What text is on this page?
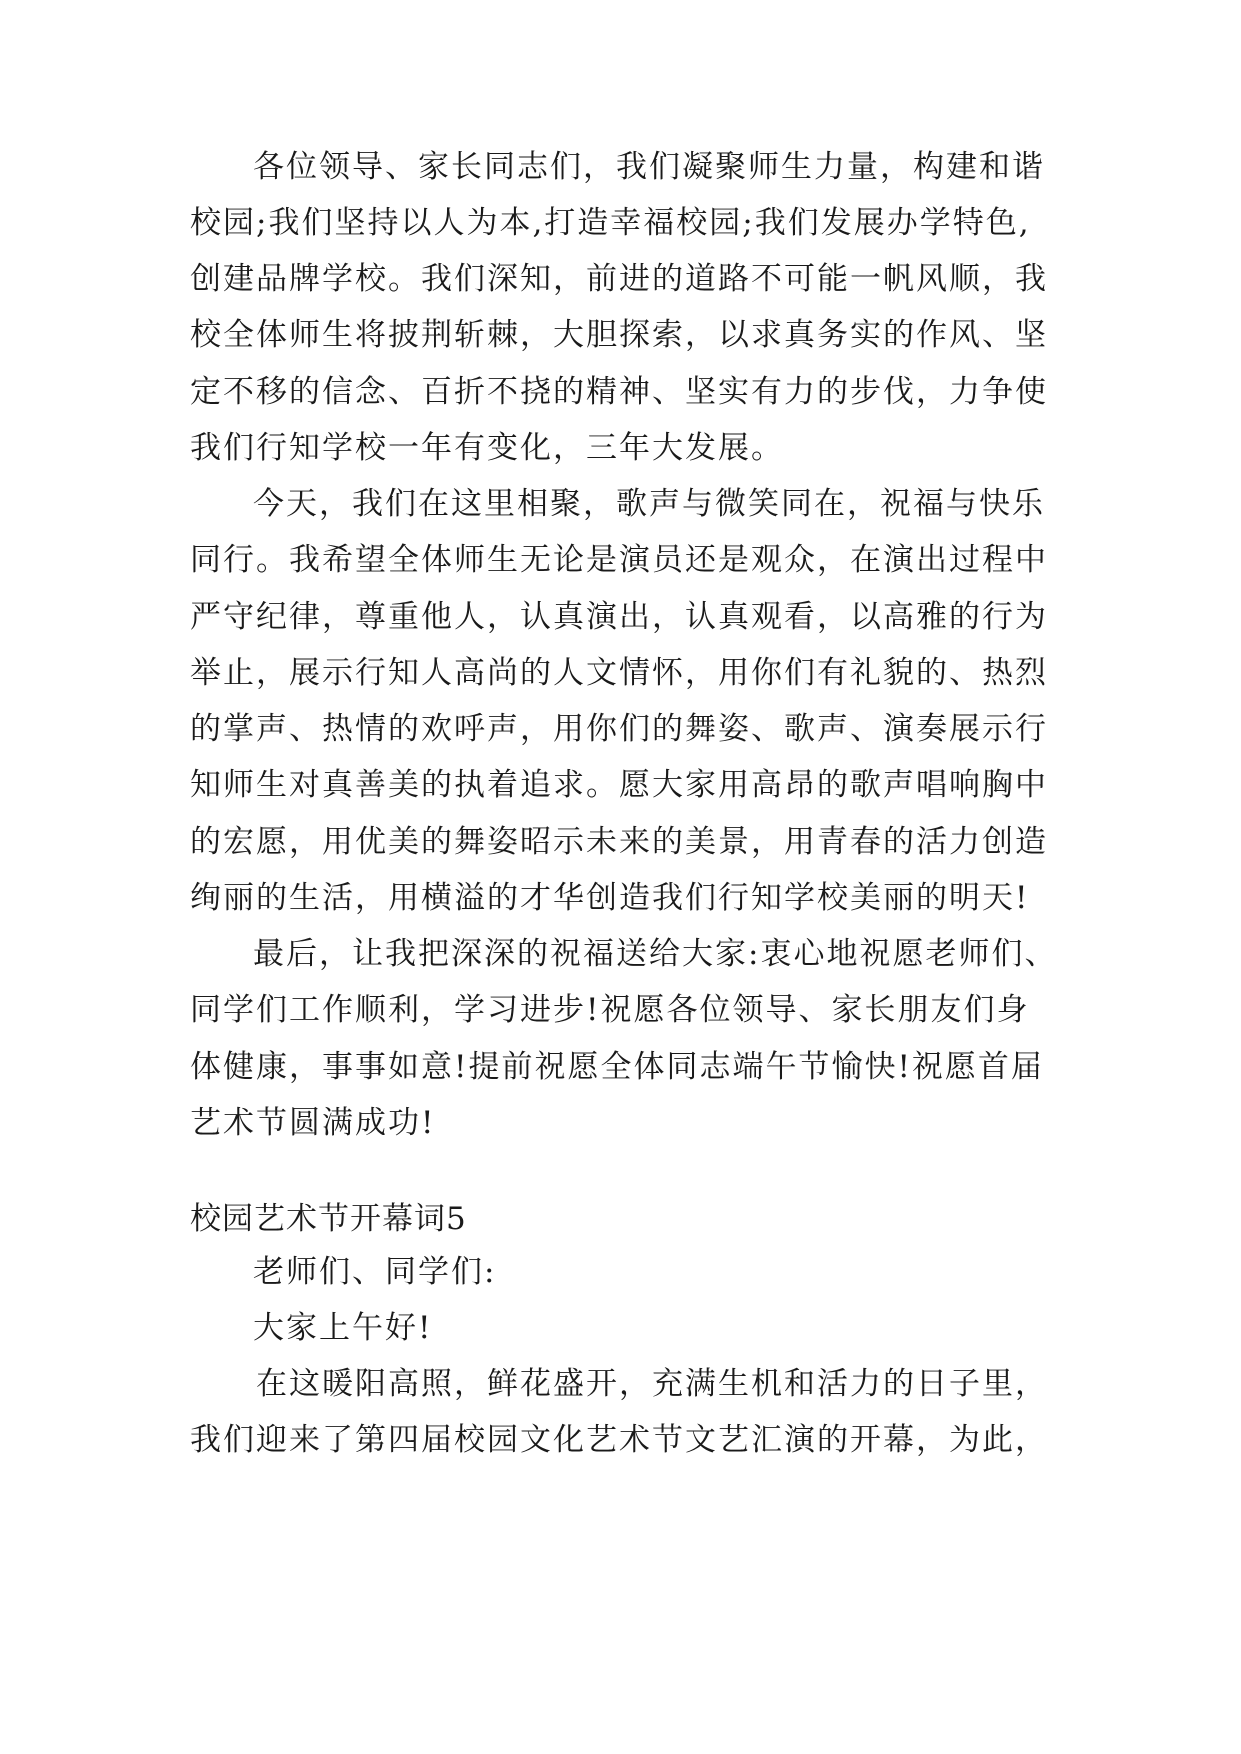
各位领导、家长同志们，我们凝聚师生力量，构建和谐
校园;我们坚持以人为本,打造幸福校园;我们发展办学特色,
创建品牌学校。我们深知，前进的道路不可能一帆风顺，我
校全体师生将披荆斩棘，大胆探索，以求真务实的作风、坚
定不移的信念、百折不挠的精神、坚实有力的步伐，力争使
我们行知学校一年有变化，三年大发展。
今天，我们在这里相聚，歌声与微笑同在，祝福与快乐
同行。我希望全体师生无论是演员还是观众，在演出过程中
严守纪律，尊重他人，认真演出，认真观看，以高雅的行为
举止，展示行知人高尚的人文情怀，用你们有礼貌的、热烈
的掌声、热情的欢呼声，用你们的舞姿、歌声、演奏展示行
知师生对真善美的执着追求。愿大家用高昂的歌声唱响胸中
的宏愿，用优美的舞姿昭示未来的美景，用青春的活力创造
绚丽的生活，用横溢的才华创造我们行知学校美丽的明天!
最后，让我把深深的祝福送给大家:衷心地祝愿老师们、
同学们工作顺利，学习进步!祝愿各位领导、家长朋友们身
体健康，事事如意!提前祝愿全体同志端午节愉快!祝愿首届
艺术节圆满成功!
校园艺术节开幕词5
老师们、同学们:
大家上午好!
在这暖阳高照，鲜花盛开，充满生机和活力的日子里，
我们迎来了第四届校园文化艺术节文艺汇演的开幕，为此，
